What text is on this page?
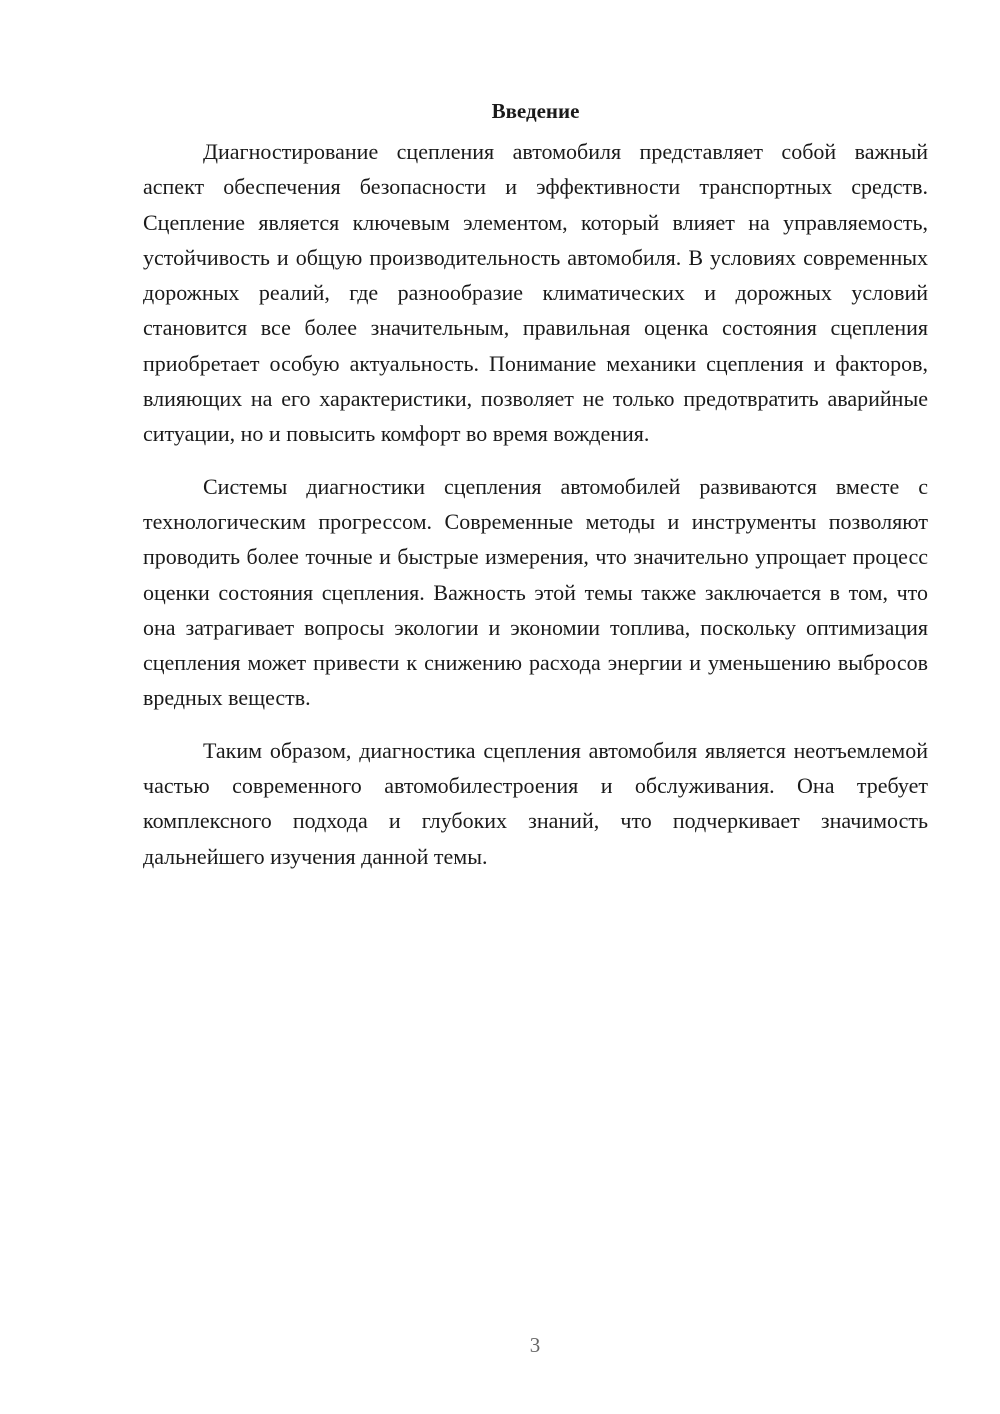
Введение

Диагностирование сцепления автомобиля представляет собой важный аспект обеспечения безопасности и эффективности транспортных средств. Сцепление является ключевым элементом, который влияет на управляемость, устойчивость и общую производительность автомобиля. В условиях современных дорожных реалий, где разнообразие климатических и дорожных условий становится все более значительным, правильная оценка состояния сцепления приобретает особую актуальность. Понимание механики сцепления и факторов, влияющих на его характеристики, позволяет не только предотвратить аварийные ситуации, но и повысить комфорт во время вождения.

Системы диагностики сцепления автомобилей развиваются вместе с технологическим прогрессом. Современные методы и инструменты позволяют проводить более точные и быстрые измерения, что значительно упрощает процесс оценки состояния сцепления. Важность этой темы также заключается в том, что она затрагивает вопросы экологии и экономии топлива, поскольку оптимизация сцепления может привести к снижению расхода энергии и уменьшению выбросов вредных веществ.

Таким образом, диагностика сцепления автомобиля является неотъемлемой частью современного автомобилестроения и обслуживания. Она требует комплексного подхода и глубоких знаний, что подчеркивает значимость дальнейшего изучения данной темы.

3
